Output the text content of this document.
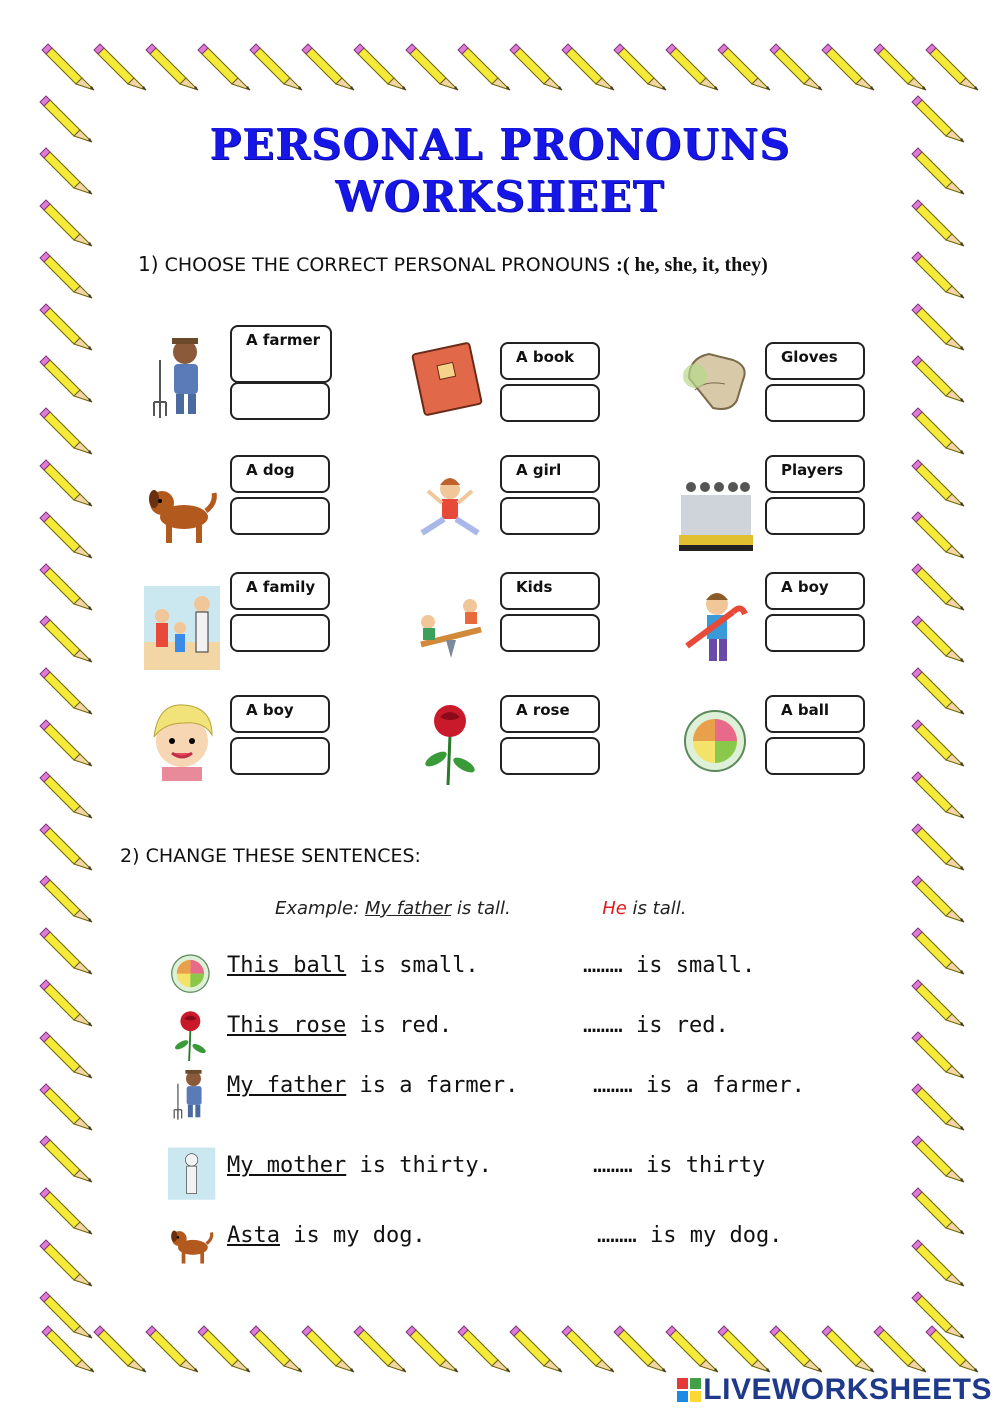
PERSONAL PRONOUNS
WORKSHEET
1) CHOOSE THE CORRECT PERSONAL PRONOUNS :( he, she, it, they)
A farmer
A book	Gloves
A dog	A girl	Players
A family	Kids	A boy
A boy	A rose	A ball
2) CHANGE THESE SENTENCES:
Example: My father is tall.	He is tall.
This ball is small.	……… is small.
This rose is red.	……… is red.
My father is a farmer.	……… is a farmer.
My mother is thirty.	……… is thirty
Asta is my dog.	……… is my dog.
LIVEWORKSHEETS
